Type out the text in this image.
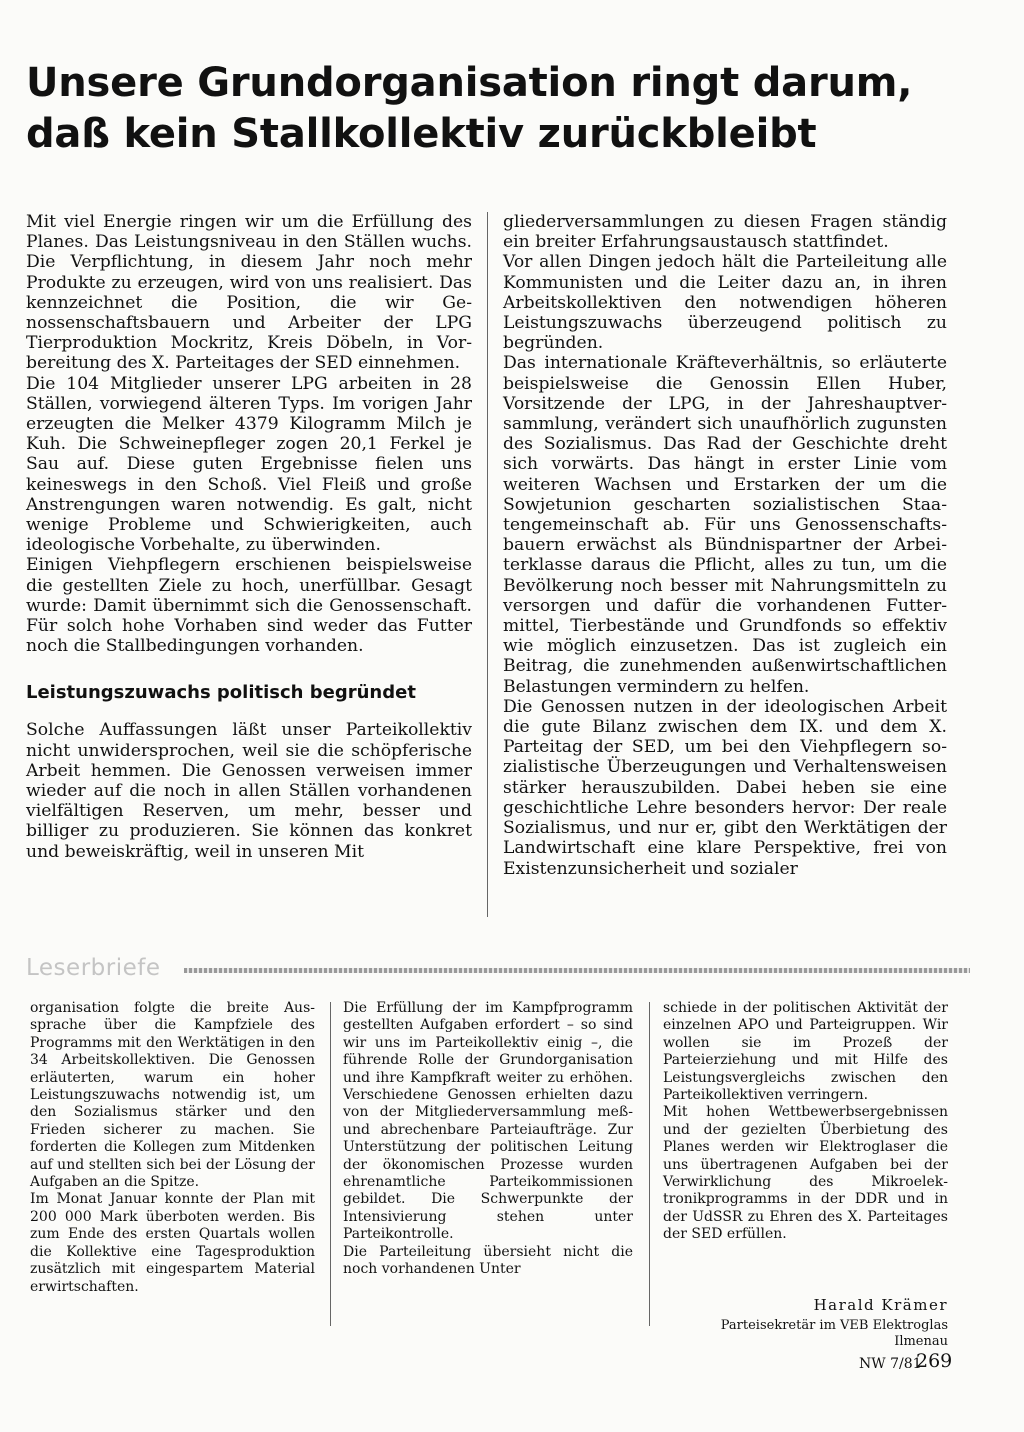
Unsere Grundorganisation ringt darum, daß kein Stallkollektiv zurückbleibt

Mit viel Energie ringen wir um die Erfüllung des Planes. Das Leistungsniveau in den Ställen wuchs. Die Verpflichtung, in diesem Jahr noch mehr Produkte zu erzeugen, wird von uns realisiert. Das kennzeichnet die Position, die wir Genossenschaftsbauern und Arbeiter der LPG Tierproduktion Mockritz, Kreis Döbeln, in Vorbereitung des X. Parteitages der SED einnehmen.

Die 104 Mitglieder unserer LPG arbeiten in 28 Ställen, vorwiegend älteren Typs. Im vorigen Jahr erzeugten die Melker 4379 Kilogramm Milch je Kuh. Die Schweinepfleger zogen 20,1 Ferkel je Sau auf. Diese guten Ergebnisse fielen uns keineswegs in den Schoß. Viel Fleiß und große Anstrengungen waren notwendig. Es galt, nicht wenige Probleme und Schwierigkeiten, auch ideologische Vorbehalte, zu überwinden.

Einigen Viehpflegern erschienen beispielsweise die gestellten Ziele zu hoch, unerfüllbar. Gesagt wurde: Damit übernimmt sich die Genossenschaft. Für solch hohe Vorhaben sind weder das Futter noch die Stallbedingungen vorhanden.

Leistungszuwachs politisch begründet

Solche Auffassungen läßt unser Parteikollektiv nicht unwidersprochen, weil sie die schöpferische Arbeit hemmen. Die Genossen verweisen immer wieder auf die noch in allen Ställen vorhandenen vielfältigen Reserven, um mehr, besser und billiger zu produzieren. Sie können das konkret und beweiskräftig, weil in unseren Mit

gliederversammlungen zu diesen Fragen ständig ein breiter Erfahrungsaustausch stattfindet.

Vor allen Dingen jedoch hält die Parteileitung alle Kommunisten und die Leiter dazu an, in ihren Arbeitskollektiven den notwendigen höheren Leistungszuwachs überzeugend politisch zu begründen.

Das internationale Kräfteverhältnis, so erläuterte beispielsweise die Genossin Ellen Huber, Vorsitzende der LPG, in der Jahreshauptversammlung, verändert sich unaufhörlich zugunsten des Sozialismus. Das Rad der Geschichte dreht sich vorwärts. Das hängt in erster Linie vom weiteren Wachsen und Erstarken der um die Sowjetunion gescharten sozialistischen Staatengemeinschaft ab. Für uns Genossenschaftsbauern erwächst als Bündnispartner der Arbeiterklasse daraus die Pflicht, alles zu tun, um die Bevölkerung noch besser mit Nahrungsmitteln zu versorgen und dafür die vorhandenen Futtermittel, Tierbestände und Grundfonds so effektiv wie möglich einzusetzen. Das ist zugleich ein Beitrag, die zunehmenden außenwirtschaftlichen Belastungen vermindern zu helfen.

Die Genossen nutzen in der ideologischen Arbeit die gute Bilanz zwischen dem IX. und dem X. Parteitag der SED, um bei den Viehpflegern sozialistische Überzeugungen und Verhaltensweisen stärker herauszubilden. Dabei heben sie eine geschichtliche Lehre besonders hervor: Der reale Sozialismus, und nur er, gibt den Werktätigen der Landwirtschaft eine klare Perspektive, frei von Existenzunsicherheit und sozialer

Leserbriefe

organisation folgte die breite Aussprache über die Kampfziele des Programms mit den Werktätigen in den 34 Arbeitskollektiven. Die Genossen erläuterten, warum ein hoher Leistungszuwachs notwendig ist, um den Sozialismus stärker und den Frieden sicherer zu machen. Sie forderten die Kollegen zum Mitdenken auf und stellten sich bei der Lösung der Aufgaben an die Spitze.

Im Monat Januar konnte der Plan mit 200 000 Mark überboten werden. Bis zum Ende des ersten Quartals wollen die Kollektive eine Tagesproduktion zusätzlich mit eingespartem Material erwirtschaften.

Die Erfüllung der im Kampfprogramm gestellten Aufgaben erfordert – so sind wir uns im Parteikollektiv einig –, die führende Rolle der Grundorganisation und ihre Kampfkraft weiter zu erhöhen. Verschiedene Genossen erhielten dazu von der Mitgliederversammlung meß- und abrechenbare Parteiaufträge. Zur Unterstützung der politischen Leitung der ökonomischen Prozesse wurden ehrenamtliche Parteikommissionen gebildet. Die Schwerpunkte der Intensivierung stehen unter Parteikontrolle.

Die Parteileitung übersieht nicht die noch vorhandenen Unter

schiede in der politischen Aktivität der einzelnen APO und Parteigruppen. Wir wollen sie im Prozeß der Parteierziehung und mit Hilfe des Leistungsvergleichs zwischen den Parteikollektiven verringern.

Mit hohen Wettbewerbsergebnissen und der gezielten Überbietung des Planes werden wir Elektroglaser die uns übertragenen Aufgaben bei der Verwirklichung des Mikroelektronikprogramms in der DDR und in der UdSSR zu Ehren des X. Parteitages der SED erfüllen.

Harald Krämer
Parteisekretär im VEB Elektroglas
Ilmenau
NW 7/81
269
